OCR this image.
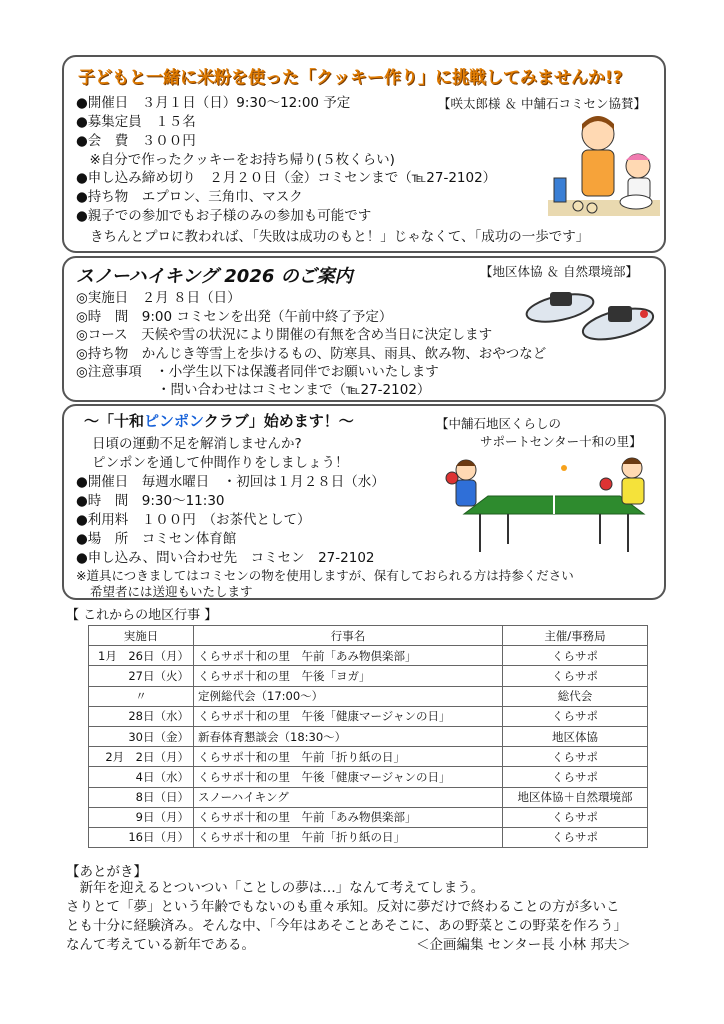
子どもと一緒に米粉を使った「クッキー作り」に挑戦してみませんか!?
【咲太郎様 ＆ 中舗石コミセン協賛】
●開催日　３月１日（日）9:30〜12:00 予定
●募集定員　１５名
●会　費　３００円
　※自分で作ったクッキーをお持ち帰り(５枚くらい)
●申し込み締め切り　２月２０日（金）コミセンまで（℡27-2102）
●持ち物　エプロン、三角巾、マスク
●親子での参加でもお子様のみの参加も可能です
きちんとプロに教われば、「失敗は成功のもと！」じゃなくて、「成功の一歩です」
スノーハイキング 2026 のご案内	【地区体協 ＆ 自然環境部】
◎実施日　２月 ８日（日）
◎時　間　9:00 コミセンを出発（午前中終了予定）
◎コース　天候や雪の状況により開催の有無を含め当日に決定します
◎持ち物　かんじき等雪上を歩けるもの、防寒具、雨具、飲み物、おやつなど
◎注意事項　・小学生以下は保護者同伴でお願いいたします
　　　　　　・問い合わせはコミセンまで（℡27-2102）
〜「十和ピンポンクラブ」始めます！〜	【中舗石地区くらしの
サポートセンター十和の里】
日頃の運動不足を解消しませんか?
ピンポンを通して仲間作りをしましょう！
●開催日　毎週水曜日　・初回は１月２８日（水）
●時　間　9:30〜11:30
●利用料　１００円　（お茶代として）
●場　所　コミセン体育館
●申し込み、問い合わせ先　コミセン　27-2102
※道具につきましてはコミセンの物を使用しますが、保有しておられる方は持参ください
希望者には送迎もいたします
【 これからの地区行事 】
実施日	行事名	主催/事務局
1月　26日（月）	くらサポ十和の里　午前「あみ物倶楽部」	くらサポ
27日（火）	くらサポ十和の里　午後「ヨガ」	くらサポ
〃	定例総代会（17:00〜）	総代会
28日（水）	くらサポ十和の里　午後「健康マージャンの日」	くらサポ
30日（金）	新春体育懇談会（18:30〜）	地区体協
2月　2日（月）	くらサポ十和の里　午前「折り紙の日」	くらサポ
4日（水）	くらサポ十和の里　午後「健康マージャンの日」	くらサポ
8日（日）	スノーハイキング	地区体協＋自然環境部
9日（月）	くらサポ十和の里　午前「あみ物倶楽部」	くらサポ
16日（月）	くらサポ十和の里　午前「折り紙の日」	くらサポ
【あとがき】
　新年を迎えるとついつい「ことしの夢は…」なんて考えてしまう。
さりとて「夢」という年齢でもないのも重々承知。反対に夢だけで終わることの方が多いこ
とも十分に経験済み。そんな中、「今年はあそことあそこに、あの野菜とこの野菜を作ろう」
なんて考えている新年である。	＜企画編集 センター長 小林 邦夫＞
